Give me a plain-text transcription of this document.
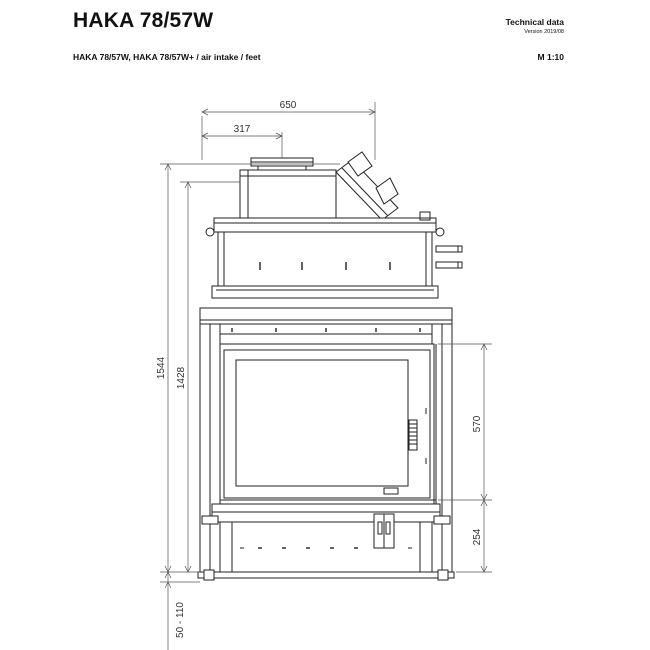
HAKA 78/57W
HAKA 78/57W, HAKA 78/57W+ / air intake / feet
Technical data
Version 2019/08
M 1:10
650
317
1544 1428
50 - 110
570
254
